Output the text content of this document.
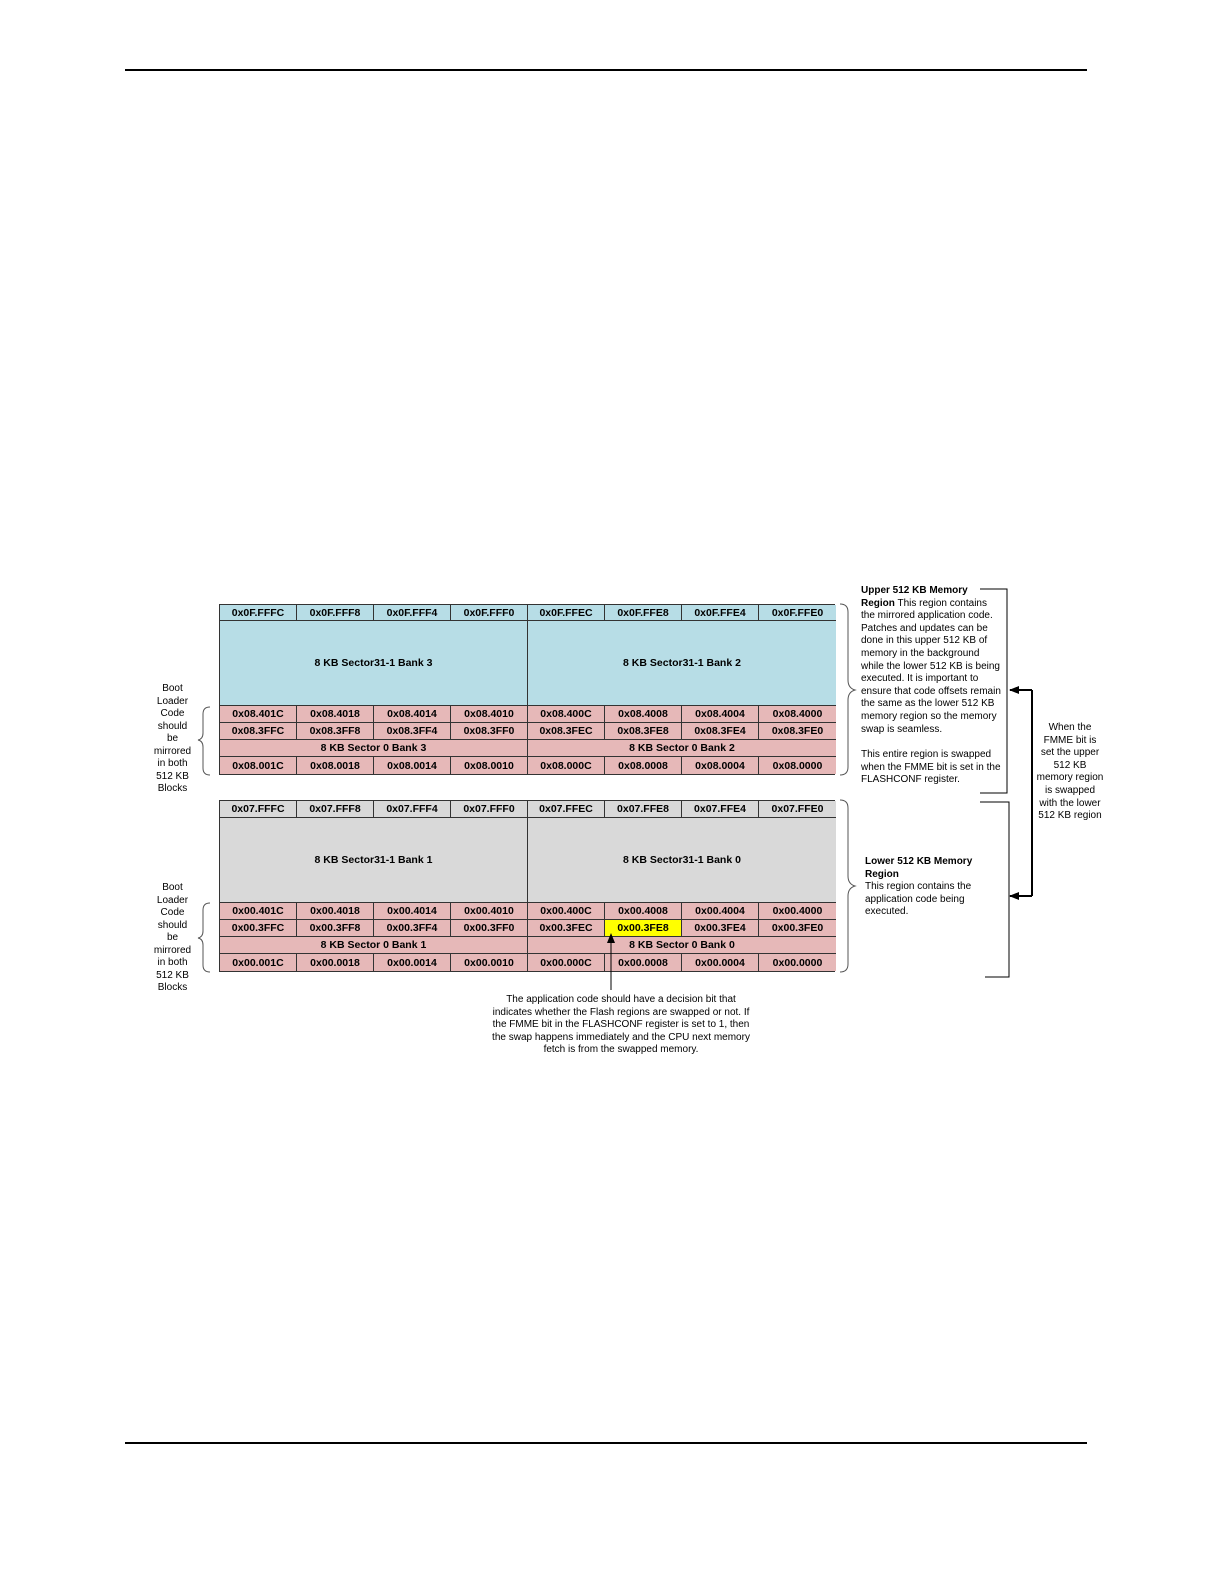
0x0F.FFFC	0x0F.FFF8	0x0F.FFF4	0x0F.FFF0	0x0F.FFEC	0x0F.FFE8	0x0F.FFE4	0x0F.FFE0
8 KB Sector31-1 Bank 3	8 KB Sector31-1 Bank 2
0x08.401C	0x08.4018	0x08.4014	0x08.4010	0x08.400C	0x08.4008	0x08.4004	0x08.4000
0x08.3FFC	0x08.3FF8	0x08.3FF4	0x08.3FF0	0x08.3FEC	0x08.3FE8	0x08.3FE4	0x08.3FE0
8 KB Sector 0 Bank 3	8 KB Sector 0 Bank 2
0x08.001C	0x08.0018	0x08.0014	0x08.0010	0x08.000C	0x08.0008	0x08.0004	0x08.0000
0x07.FFFC	0x07.FFF8	0x07.FFF4	0x07.FFF0	0x07.FFEC	0x07.FFE8	0x07.FFE4	0x07.FFE0
8 KB Sector31-1 Bank 1	8 KB Sector31-1 Bank 0
0x00.401C	0x00.4018	0x00.4014	0x00.4010	0x00.400C	0x00.4008	0x00.4004	0x00.4000
0x00.3FFC	0x00.3FF8	0x00.3FF4	0x00.3FF0	0x00.3FEC	0x00.3FE8	0x00.3FE4	0x00.3FE0
8 KB Sector 0 Bank 1	8 KB Sector 0 Bank 0
0x00.001C	0x00.0018	0x00.0014	0x00.0010	0x00.000C	0x00.0008	0x00.0004	0x00.0000
Boot
Loader
Code
should
be
mirrored
in both
512 KB
Blocks
Boot
Loader
Code
should
be
mirrored
in both
512 KB
Blocks
Upper 512 KB Memory Region This region contains the mirrored application code. Patches and updates can be done in this upper 512 KB of memory in the background while the lower 512 KB is being executed. It is important to ensure that code offsets remain the same as the lower 512 KB memory region so the memory swap is seamless.
This entire region is swapped when the FMME bit is set in the FLASHCONF register.
Lower 512 KB Memory Region
This region contains the application code being executed.
When the FMME bit is set the upper 512 KB memory region is swapped with the lower 512 KB region
The application code should have a decision bit that indicates whether the Flash regions are swapped or not. If the FMME bit in the FLASHCONF register is set to 1, then the swap happens immediately and the CPU next memory fetch is from the swapped memory.
